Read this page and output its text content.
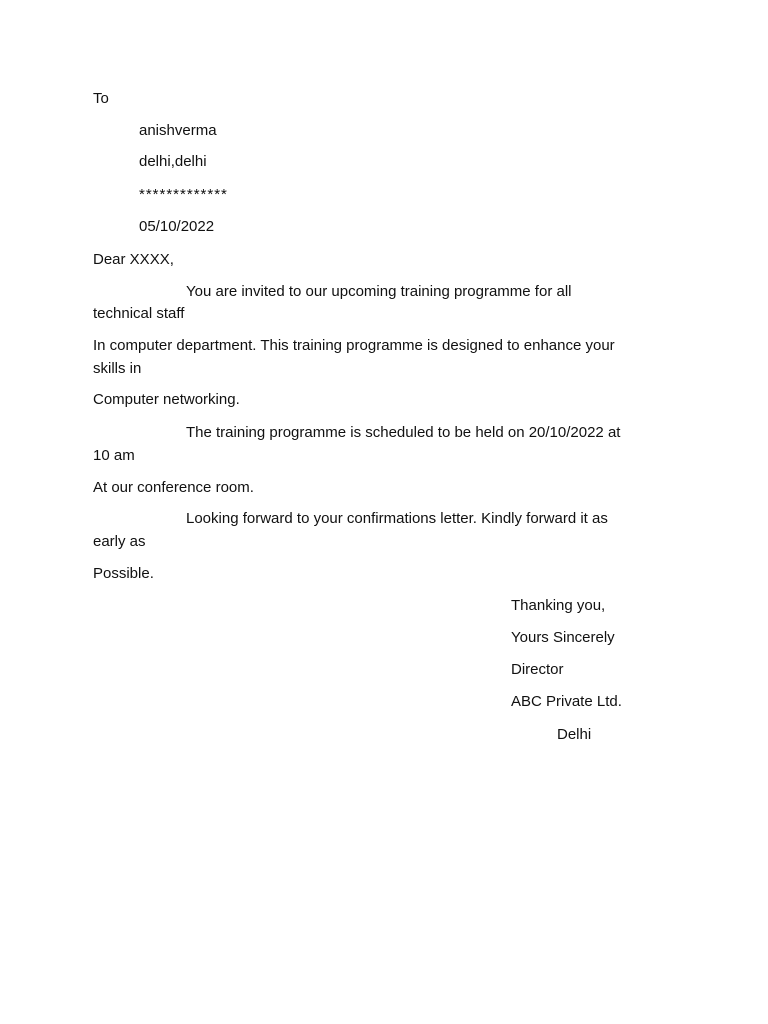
To
anishverma
delhi,delhi
*************
05/10/2022
Dear XXXX,
You are invited to our upcoming training programme for all
technical staff
In computer department. This training programme is designed to enhance your
skills in
Computer networking.
The training programme is scheduled to be held on 20/10/2022 at
10 am
At our conference room.
Looking forward to your confirmations letter. Kindly forward it as
early as
Possible.
Thanking you,
Yours Sincerely
Director
ABC Private Ltd.
Delhi
